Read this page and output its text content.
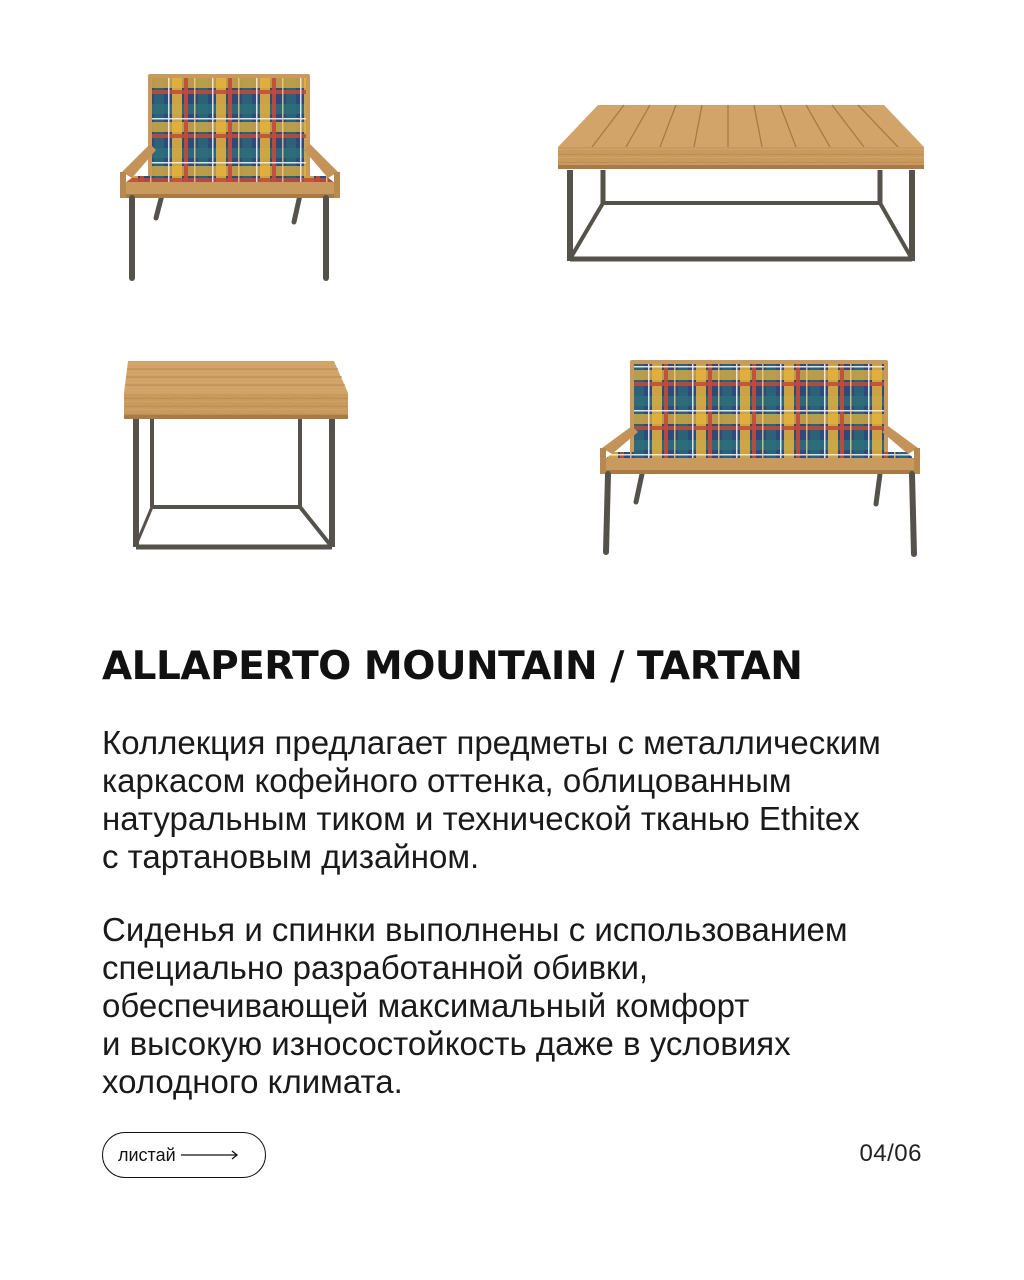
ALLAPERTO MOUNTAIN / TARTAN

Коллекция предлагает предметы с металлическим
каркасом кофейного оттенка, облицованным
натуральным тиком и технической тканью Ethitex
с тартановым дизайном.

Сиденья и спинки выполнены с использованием
специально разработанной обивки,
обеспечивающей максимальный комфорт
и высокую износостойкость даже в условиях
холодного климата.

листай	04/06
